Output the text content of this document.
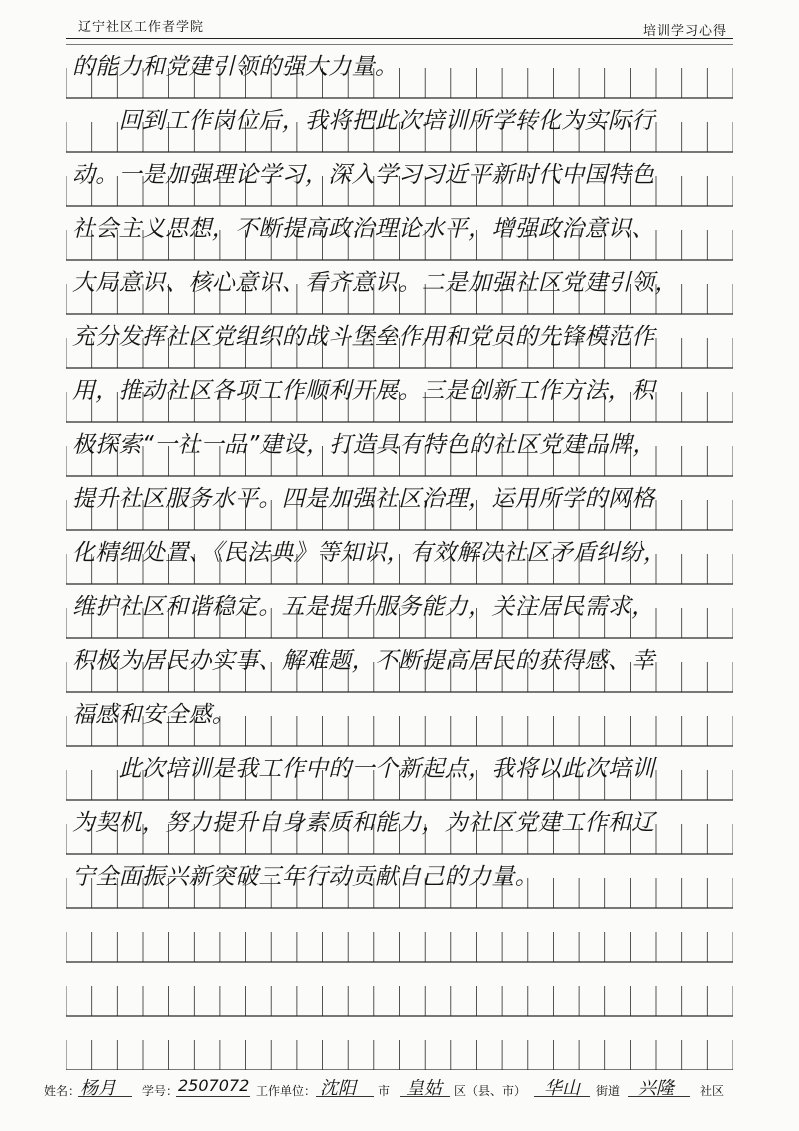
辽宁社区工作者学院	培训学习心得
的能力和党建引领的强大力量。
　　回到工作岗位后，我将把此次培训所学转化为实际行
动。一是加强理论学习，深入学习习近平新时代中国特色
社会主义思想，不断提高政治理论水平，增强政治意识、
大局意识、核心意识、看齐意识。二是加强社区党建引领，
充分发挥社区党组织的战斗堡垒作用和党员的先锋模范作
用，推动社区各项工作顺利开展。三是创新工作方法，积
极探索“一社一品”建设，打造具有特色的社区党建品牌，
提升社区服务水平。四是加强社区治理，运用所学的网格
化精细处置、《民法典》等知识，有效解决社区矛盾纠纷，
维护社区和谐稳定。五是提升服务能力，关注居民需求，
积极为居民办实事、解难题，不断提高居民的获得感、幸
福感和安全感。
　　此次培训是我工作中的一个新起点，我将以此次培训
为契机，努力提升自身素质和能力，为社区党建工作和辽
宁全面振兴新突破三年行动贡献自己的力量。
姓名： 杨月 学号： 2507072 工作单位： 沈阳 市 皇姑 区（县、市） 华山 街道 兴隆 社区
